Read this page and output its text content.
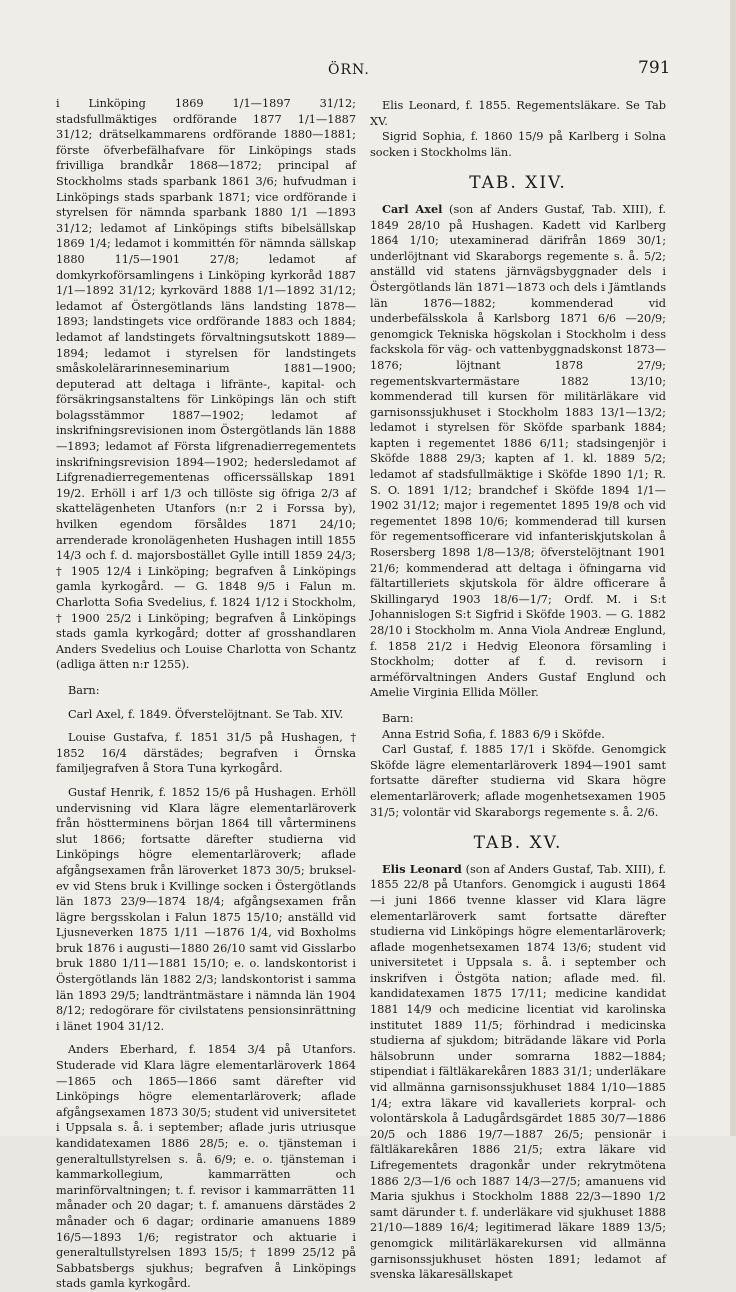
ÖRN.	791

i Linköping 1869 1/1—1897 31/12; stadsfullmäktiges ordförande 1877 1/1—1887 31/12; drätselkammarens ordförande 1880—1881; förste öfverbefälhafvare för Linköpings stads frivilliga brandkår 1868—1872; principal af Stockholms stads sparbank 1861 3/6; hufvudman i Linköpings stads sparbank 1871; vice ordförande i styrelsen för nämnda sparbank 1880 1/1 —1893 31/12; ledamot af Linköpings stifts bibelsällskap 1869 1/4; ledamot i kommittén för nämnda sällskap 1880 11/5—1901 27/8; ledamot af domkyrkoförsamlingens i Linköping kyrkoråd 1887 1/1—1892 31/12; kyrkovärd 1888 1/1—1892 31/12; ledamot af Östergötlands läns landsting 1878—1893; landstingets vice ordförande 1883 och 1884; ledamot af landstingets förvaltningsutskott 1889—1894; ledamot i styrelsen för landstingets småskolelärarinneseminarium 1881—1900; deputerad att deltaga i lifränte-, kapital- och försäkringsanstaltens för Linköpings län och stift bolagsstämmor 1887—1902; ledamot af inskrifningsrevisionen inom Östergötlands län 1888—1893; ledamot af Första lifgrenadierregementets inskrifningsrevision 1894—1902; hedersledamot af Lifgrenadierregementenas officerssällskap 1891 19/2. Erhöll i arf 1/3 och tillöste sig öfriga 2/3 af skattelägenheten Utanfors (n:r 2 i Forssa by), hvilken egendom försåldes 1871 24/10; arrenderade kronolägenheten Hushagen intill 1855 14/3 och f. d. majorsbostället Gylle intill 1859 24/3; † 1905 12/4 i Linköping; begrafven å Linköpings gamla kyrkogård. — G. 1848 9/5 i Falun m. Charlotta Sofia Svedelius, f. 1824 1/12 i Stockholm, † 1900 25/2 i Linköping; begrafven å Linköpings stads gamla kyrkogård; dotter af grosshandlaren Anders Svedelius och Louise Charlotta von Schantz (adliga ätten n:r 1255).

Barn:

Carl Axel, f. 1849. Öfverstelöjtnant. Se Tab. XIV.

Louise Gustafva, f. 1851 31/5 på Hushagen, † 1852 16/4 därstädes; begrafven i Örnska familjegrafven å Stora Tuna kyrkogård.

Gustaf Henrik, f. 1852 15/6 på Hushagen. Erhöll undervisning vid Klara lägre elementarläroverk från höstterminens början 1864 till vårterminens slut 1866; fortsatte därefter studierna vid Linköpings högre elementarläroverk; aflade afgångsexamen från läroverket 1873 30/5; brukselev vid Stens bruk i Kvillinge socken i Östergötlands län 1873 23/9—1874 18/4; afgångsexamen från lägre bergsskolan i Falun 1875 15/10; anställd vid Ljusneverken 1875 1/11 —1876 1/4, vid Boxholms bruk 1876 i augusti—1880 26/10 samt vid Gisslarbo bruk 1880 1/11—1881 15/10; e. o. landskontorist i Östergötlands län 1882 2/3; landskontorist i samma län 1893 29/5; landträntmästare i nämnda län 1904 8/12; redogörare för civilstatens pensionsinrättning i länet 1904 31/12.

Anders Eberhard, f. 1854 3/4 på Utanfors. Studerade vid Klara lägre elementarläroverk 1864—1865 och 1865—1866 samt därefter vid Linköpings högre elementarläroverk; aflade afgångsexamen 1873 30/5; student vid universitetet i Uppsala s. å. i september; aflade juris utriusque kandidatexamen 1886 28/5; e. o. tjänsteman i generaltullstyrelsen s. å. 6/9; e. o. tjänsteman i kammarkollegium, kammarrätten och marinförvaltningen; t. f. revisor i kammarrätten 11 månader och 20 dagar; t. f. amanuens därstädes 2 månader och 6 dagar; ordinarie amanuens 1889 16/5—1893 1/6; registrator och aktuarie i generaltullstyrelsen 1893 15/5; † 1899 25/12 på Sabbatsbergs sjukhus; begrafven å Linköpings stads gamla kyrkogård.

Elis Leonard, f. 1855. Regementsläkare. Se Tab XV.

Sigrid Sophia, f. 1860 15/9 på Karlberg i Solna socken i Stockholms län.

TAB. XIV.

Carl Axel (son af Anders Gustaf, Tab. XIII), f. 1849 28/10 på Hushagen. Kadett vid Karlberg 1864 1/10; utexaminerad därifrån 1869 30/1; underlöjtnant vid Skaraborgs regemente s. å. 5/2; anställd vid statens järnvägsbyggnader dels i Östergötlands län 1871—1873 och dels i Jämtlands län 1876—1882; kommenderad vid underbefälsskola å Karlsborg 1871 6/6 —20/9; genomgick Tekniska högskolan i Stockholm i dess fackskola för väg- och vattenbyggnadskonst 1873—1876; löjtnant 1878 27/9; regementskvartermästare 1882 13/10; kommenderad till kursen för militärläkare vid garnisonssjukhuset i Stockholm 1883 13/1—13/2; ledamot i styrelsen för Sköfde sparbank 1884; kapten i regementet 1886 6/11; stadsingenjör i Sköfde 1888 29/3; kapten af 1. kl. 1889 5/2; ledamot af stadsfullmäktige i Sköfde 1890 1/1; R. S. O. 1891 1/12; brandchef i Sköfde 1894 1/1—1902 31/12; major i regementet 1895 19/8 och vid regementet 1898 10/6; kommenderad till kursen för regementsofficerare vid infanteriskjutskolan å Rosersberg 1898 1/8—13/8; öfverstelöjtnant 1901 21/6; kommenderad att deltaga i öfningarna vid fältartilleriets skjutskola för äldre officerare å Skillingaryd 1903 18/6—1/7; Ordf. M. i S:t Johannislogen S:t Sigfrid i Sköfde 1903. — G. 1882 28/10 i Stockholm m. Anna Viola Andreæ Englund, f. 1858 21/2 i Hedvig Eleonora församling i Stockholm; dotter af f. d. revisorn i arméförvaltningen Anders Gustaf Englund och Amelie Virginia Ellida Möller.

Barn:

Anna Estrid Sofia, f. 1883 6/9 i Sköfde.

Carl Gustaf, f. 1885 17/1 i Sköfde. Genomgick Sköfde lägre elementarläroverk 1894—1901 samt fortsatte därefter studierna vid Skara högre elementarläroverk; aflade mogenhetsexamen 1905 31/5; volontär vid Skaraborgs regemente s. å. 2/6.

TAB. XV.

Elis Leonard (son af Anders Gustaf, Tab. XIII), f. 1855 22/8 på Utanfors. Genomgick i augusti 1864—i juni 1866 tvenne klasser vid Klara lägre elementarläroverk samt fortsatte därefter studierna vid Linköpings högre elementarläroverk; aflade mogenhetsexamen 1874 13/6; student vid universitetet i Uppsala s. å. i september och inskrifven i Östgöta nation; aflade med. fil. kandidatexamen 1875 17/11; medicine kandidat 1881 14/9 och medicine licentiat vid karolinska institutet 1889 11/5; förhindrad i medicinska studierna af sjukdom; biträdande läkare vid Porla hälsobrunn under somrarna 1882—1884; stipendiat i fältläkarekåren 1883 31/1; underläkare vid allmänna garnisonssjukhuset 1884 1/10—1885 1/4; extra läkare vid kavalleriets korpral- och volontärskola å Ladugårdsgärdet 1885 30/7—1886 20/5 och 1886 19/7—1887 26/5; pensionär i fältläkarekåren 1886 21/5; extra läkare vid Lifregementets dragonkår under rekrytmötena 1886 2/3—1/6 och 1887 14/3—27/5; amanuens vid Maria sjukhus i Stockholm 1888 22/3—1890 1/2 samt därunder t. f. underläkare vid sjukhuset 1888 21/10—1889 16/4; legitimerad läkare 1889 13/5; genomgick militärläkarekursen vid allmänna garnisonssjukhuset hösten 1891; ledamot af svenska läkaresällskapet
